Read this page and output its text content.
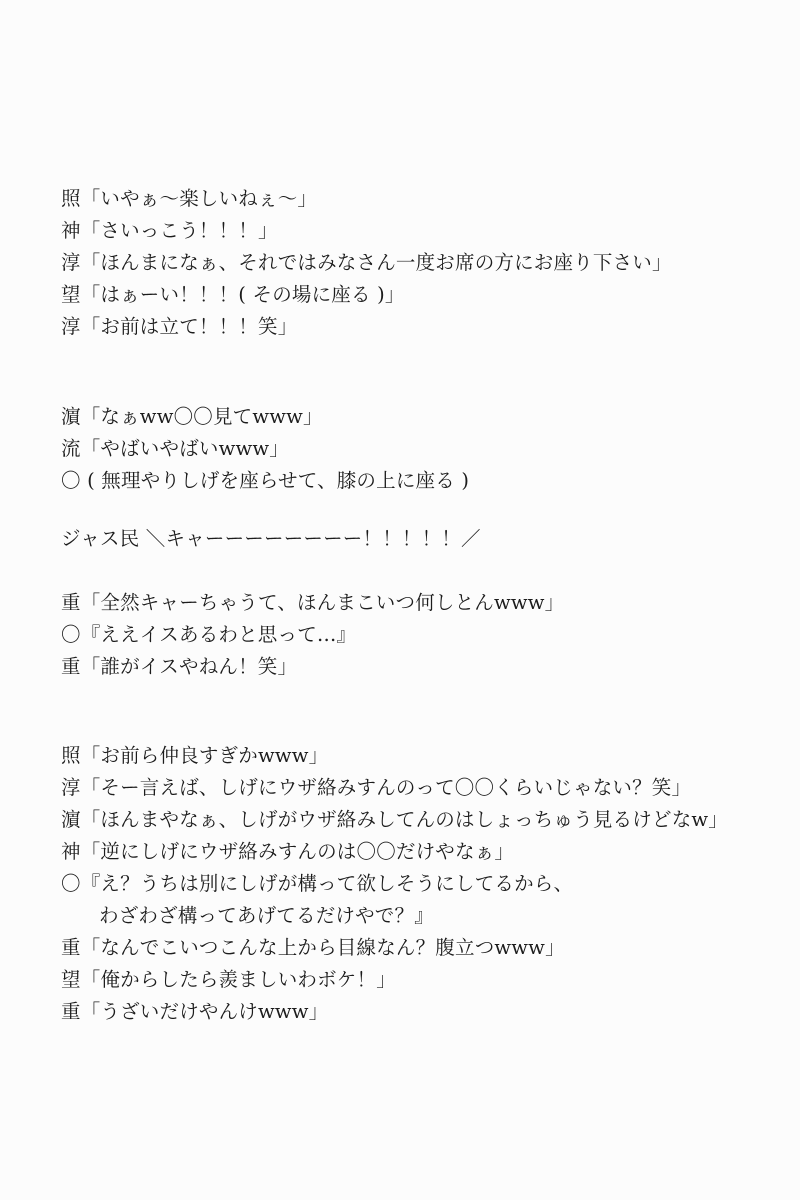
照「いやぁ〜楽しいねぇ〜」
神「さいっこう！！！」
淳「ほんまになぁ、それではみなさん一度お席の方にお座り下さい」
望「はぁーい！！！( その場に座る )」
淳「お前は立て！！！笑」
濵「なぁww〇〇見てwww」
流「やばいやばいwww」
〇 ( 無理やりしげを座らせて、膝の上に座る )
ジャス民 ＼キャーーーーーーーー！！！！！／
重「全然キャーちゃうて、ほんまこいつ何しとんwww」
〇『ええイスあるわと思って…』
重「誰がイスやねん！笑」
照「お前ら仲良すぎかwww」
淳「そー言えば、しげにウザ絡みすんのって〇〇くらいじゃない？笑」
濵「ほんまやなぁ、しげがウザ絡みしてんのはしょっちゅう見るけどなw」
神「逆にしげにウザ絡みすんのは〇〇だけやなぁ」
〇『え？うちは別にしげが構って欲しそうにしてるから、
わざわざ構ってあげてるだけやで？』
重「なんでこいつこんな上から目線なん？腹立つwww」
望「俺からしたら羨ましいわボケ！」
重「うざいだけやんけwww」
